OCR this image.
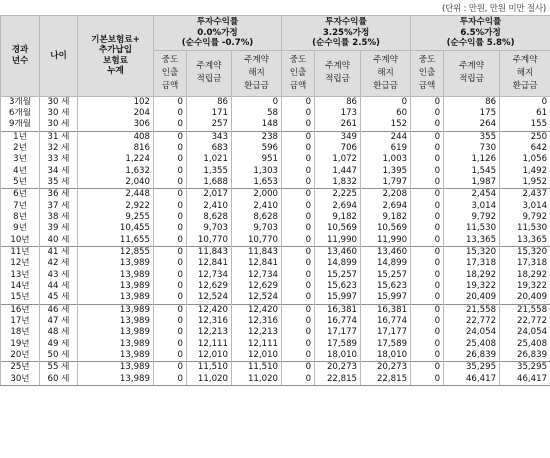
(단위 : 만원, 만원 미만 절사)
경과
년수	나이	기본보험료+
추가납입
보험료
누계	투자수익률
0.0%가정
(순수익률 -0.7%)			투자수익률
3.25%가정
(순수익률 2.5%)			투자수익률
6.5%가정
(순수익률 5.8%)		
			중도
인출
금액	주계약
적립금	주계약
해지
환급금	중도
인출
금액	주계약
적립금	주계약
해지
환급금	중도
인출
금액	주계약
적립금	주계약
해지
환급금
3개월	30 세	102	0	86	0	0	86	0	0	86	0
6개월	30 세	204	0	171	58	0	173	60	0	175	61
9개월	30 세	306	0	257	148	0	261	152	0	264	155
1년	31 세	408	0	343	238	0	349	244	0	355	250
2년	32 세	816	0	683	596	0	706	619	0	730	642
3년	33 세	1,224	0	1,021	951	0	1,072	1,003	0	1,126	1,056
4년	34 세	1,632	0	1,355	1,303	0	1,447	1,395	0	1,545	1,492
5년	35 세	2,040	0	1,688	1,653	0	1,832	1,797	0	1,987	1,952
6년	36 세	2,448	0	2,017	2,000	0	2,225	2,208	0	2,454	2,437
7년	37 세	2,922	0	2,410	2,410	0	2,694	2,694	0	3,014	3,014
8년	38 세	9,255	0	8,628	8,628	0	9,182	9,182	0	9,792	9,792
9년	39 세	10,455	0	9,703	9,703	0	10,569	10,569	0	11,530	11,530
10년	40 세	11,655	0	10,770	10,770	0	11,990	11,990	0	13,365	13,365
11년	41 세	12,855	0	11,843	11,843	0	13,460	13,460	0	15,320	15,320
12년	42 세	13,989	0	12,841	12,841	0	14,899	14,899	0	17,318	17,318
13년	43 세	13,989	0	12,734	12,734	0	15,257	15,257	0	18,292	18,292
14년	44 세	13,989	0	12,629	12,629	0	15,623	15,623	0	19,322	19,322
15년	45 세	13,989	0	12,524	12,524	0	15,997	15,997	0	20,409	20,409
16년	46 세	13,989	0	12,420	12,420	0	16,381	16,381	0	21,558	21,558
17년	47 세	13,989	0	12,316	12,316	0	16,774	16,774	0	22,772	22,772
18년	48 세	13,989	0	12,213	12,213	0	17,177	17,177	0	24,054	24,054
19년	49 세	13,989	0	12,111	12,111	0	17,589	17,589	0	25,408	25,408
20년	50 세	13,989	0	12,010	12,010	0	18,010	18,010	0	26,839	26,839
25년	55 세	13,989	0	11,510	11,510	0	20,273	20,273	0	35,295	35,295
30년	60 세	13,989	0	11,020	11,020	0	22,815	22,815	0	46,417	46,417
